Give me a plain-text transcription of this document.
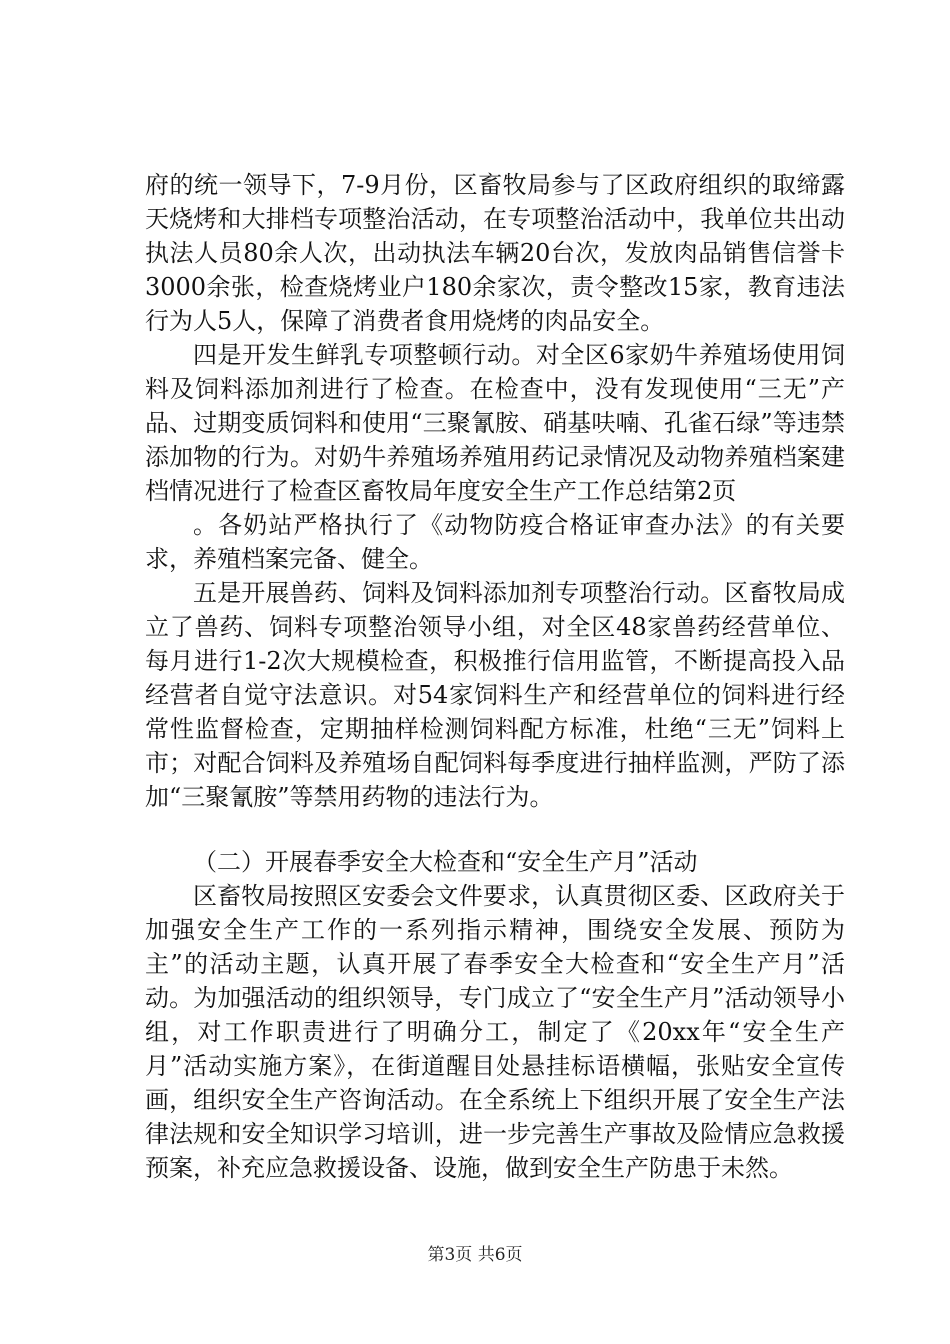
府的统一领导下，7-9月份，区畜牧局参与了区政府组织的取缔露天烧烤和大排档专项整治活动，在专项整治活动中，我单位共出动执法人员80余人次，出动执法车辆20台次，发放肉品销售信誉卡3000余张，检查烧烤业户180余家次，责令整改15家，教育违法行为人5人，保障了消费者食用烧烤的肉品安全。

四是开发生鲜乳专项整顿行动。对全区6家奶牛养殖场使用饲料及饲料添加剂进行了检查。在检查中，没有发现使用“三无”产品、过期变质饲料和使用“三聚氰胺、硝基呋喃、孔雀石绿”等违禁添加物的行为。对奶牛养殖场养殖用药记录情况及动物养殖档案建档情况进行了检查区畜牧局年度安全生产工作总结第2页

。各奶站严格执行了《动物防疫合格证审查办法》的有关要求，养殖档案完备、健全。

五是开展兽药、饲料及饲料添加剂专项整治行动。区畜牧局成立了兽药、饲料专项整治领导小组，对全区48家兽药经营单位、每月进行1-2次大规模检查，积极推行信用监管，不断提高投入品经营者自觉守法意识。对54家饲料生产和经营单位的饲料进行经常性监督检查，定期抽样检测饲料配方标准，杜绝“三无”饲料上市；对配合饲料及养殖场自配饲料每季度进行抽样监测，严防了添加“三聚氰胺”等禁用药物的违法行为。

（二）开展春季安全大检查和“安全生产月”活动

区畜牧局按照区安委会文件要求，认真贯彻区委、区政府关于加强安全生产工作的一系列指示精神，围绕安全发展、预防为主”的活动主题，认真开展了春季安全大检查和“安全生产月”活动。为加强活动的组织领导，专门成立了“安全生产月”活动领导小组，对工作职责进行了明确分工，制定了《20xx年“安全生产月”活动实施方案》，在街道醒目处悬挂标语横幅，张贴安全宣传画，组织安全生产咨询活动。在全系统上下组织开展了安全生产法律法规和安全知识学习培训，进一步完善生产事故及险情应急救援预案，补充应急救援设备、设施，做到安全生产防患于未然。

第3页 共6页
